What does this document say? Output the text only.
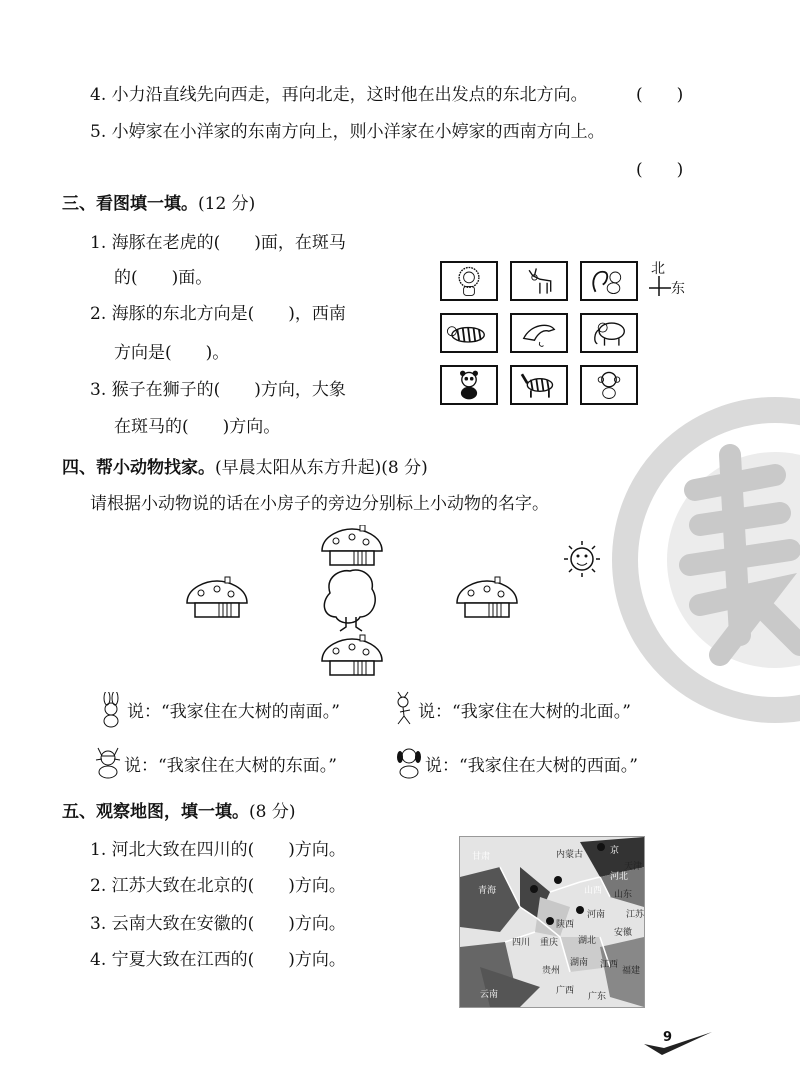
4. 小力沿直线先向西走，再向北走，这时他在出发点的东北方向。	(　　)
5. 小婷家在小洋家的东南方向上，则小洋家在小婷家的西南方向上。
(　　)
三、看图填一填。(12 分)
1. 海豚在老虎的(　　)面，在斑马
的(　　)面。
2. 海豚的东北方向是(　　)，西南
方向是(　　)。
3. 猴子在狮子的(　　)方向，大象
在斑马的(　　)方向。
北
东
四、帮小动物找家。(早晨太阳从东方升起)(8 分)
请根据小动物说的话在小房子的旁边分别标上小动物的名字。
说：“我家住在大树的南面。”	说：“我家住在大树的北面。”
说：“我家住在大树的东面。”	说：“我家住在大树的西面。”
五、观察地图，填一填。(8 分)
1. 河北大致在四川的(　　)方向。
2. 江苏大致在北京的(　　)方向。
3. 云南大致在安徽的(　　)方向。
4. 宁夏大致在江西的(　　)方向。
甘肃	内蒙古	京
天津
河北
青海	山西 山东
河南
陕西
江苏
安徽
四川 重庆 湖北
贵州
湖南 江西
福建
云南	广西
广东
9
